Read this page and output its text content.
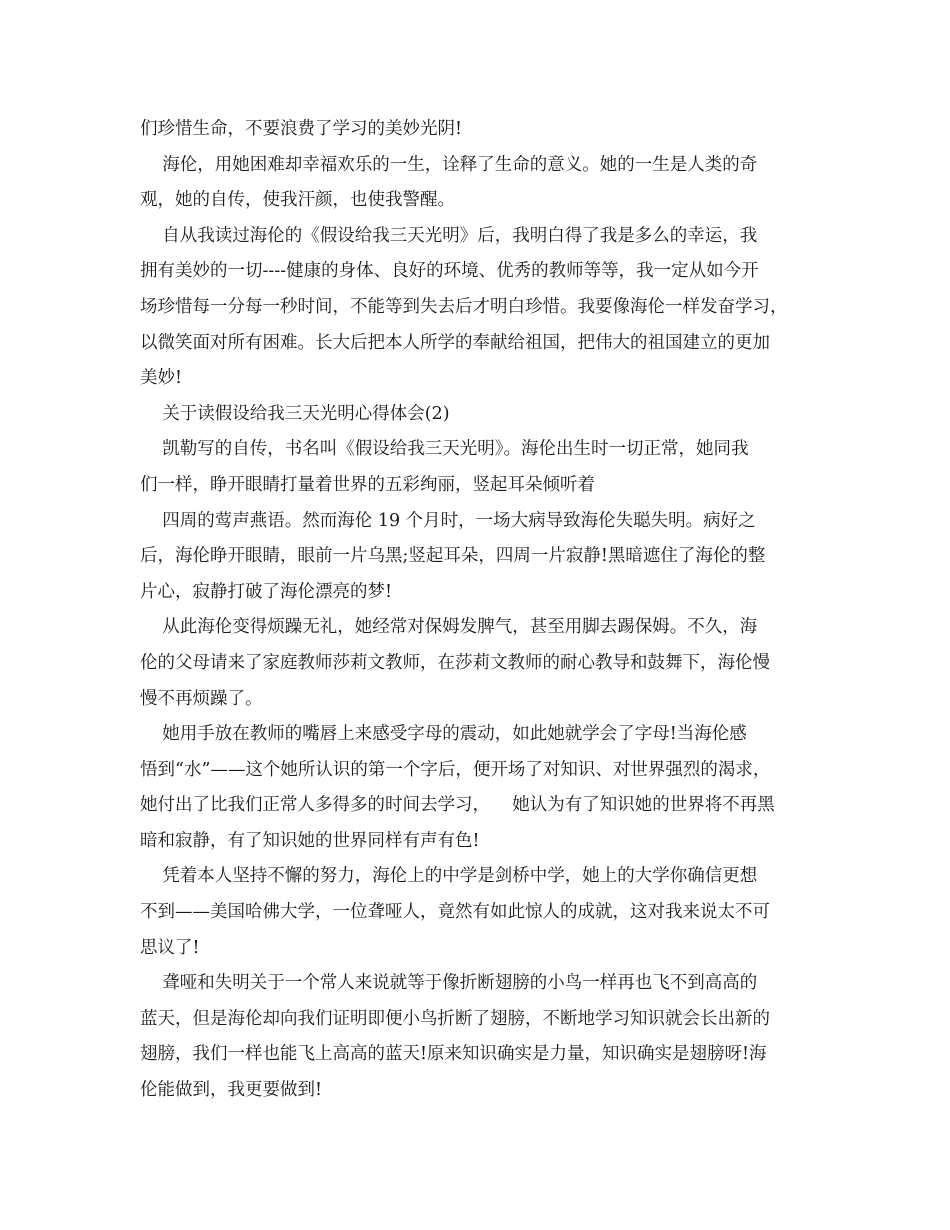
们珍惜生命，不要浪费了学习的美妙光阴!
海伦，用她困难却幸福欢乐的一生，诠释了生命的意义。她的一生是人类的奇
观，她的自传，使我汗颜，也使我警醒。
自从我读过海伦的《假设给我三天光明》后，我明白得了我是多么的幸运，我
拥有美妙的一切----健康的身体、良好的环境、优秀的教师等等，我一定从如今开
场珍惜每一分每一秒时间，不能等到失去后才明白珍惜。我要像海伦一样发奋学习，
以微笑面对所有困难。长大后把本人所学的奉献给祖国，把伟大的祖国建立的更加
美妙!
关于读假设给我三天光明心得体会(2)
凯勒写的自传，书名叫《假设给我三天光明》。海伦出生时一切正常，她同我
们一样，睁开眼睛打量着世界的五彩绚丽，竖起耳朵倾听着
四周的莺声燕语。然而海伦 19 个月时，一场大病导致海伦失聪失明。病好之
后，海伦睁开眼睛，眼前一片乌黑;竖起耳朵，四周一片寂静!黑暗遮住了海伦的整
片心，寂静打破了海伦漂亮的梦!
从此海伦变得烦躁无礼，她经常对保姆发脾气，甚至用脚去踢保姆。不久，海
伦的父母请来了家庭教师莎莉文教师，在莎莉文教师的耐心教导和鼓舞下，海伦慢
慢不再烦躁了。
她用手放在教师的嘴唇上来感受字母的震动，如此她就学会了字母!当海伦感
悟到“水”——这个她所认识的第一个字后，便开场了对知识、对世界强烈的渴求，
她付出了比我们正常人多得多的时间去学习，    她认为有了知识她的世界将不再黑
暗和寂静，有了知识她的世界同样有声有色!
凭着本人坚持不懈的努力，海伦上的中学是剑桥中学，她上的大学你确信更想
不到——美国哈佛大学，一位聋哑人，竟然有如此惊人的成就，这对我来说太不可
思议了!
聋哑和失明关于一个常人来说就等于像折断翅膀的小鸟一样再也飞不到高高的
蓝天，但是海伦却向我们证明即便小鸟折断了翅膀，不断地学习知识就会长出新的
翅膀，我们一样也能飞上高高的蓝天!原来知识确实是力量，知识确实是翅膀呀!海
伦能做到，我更要做到!
